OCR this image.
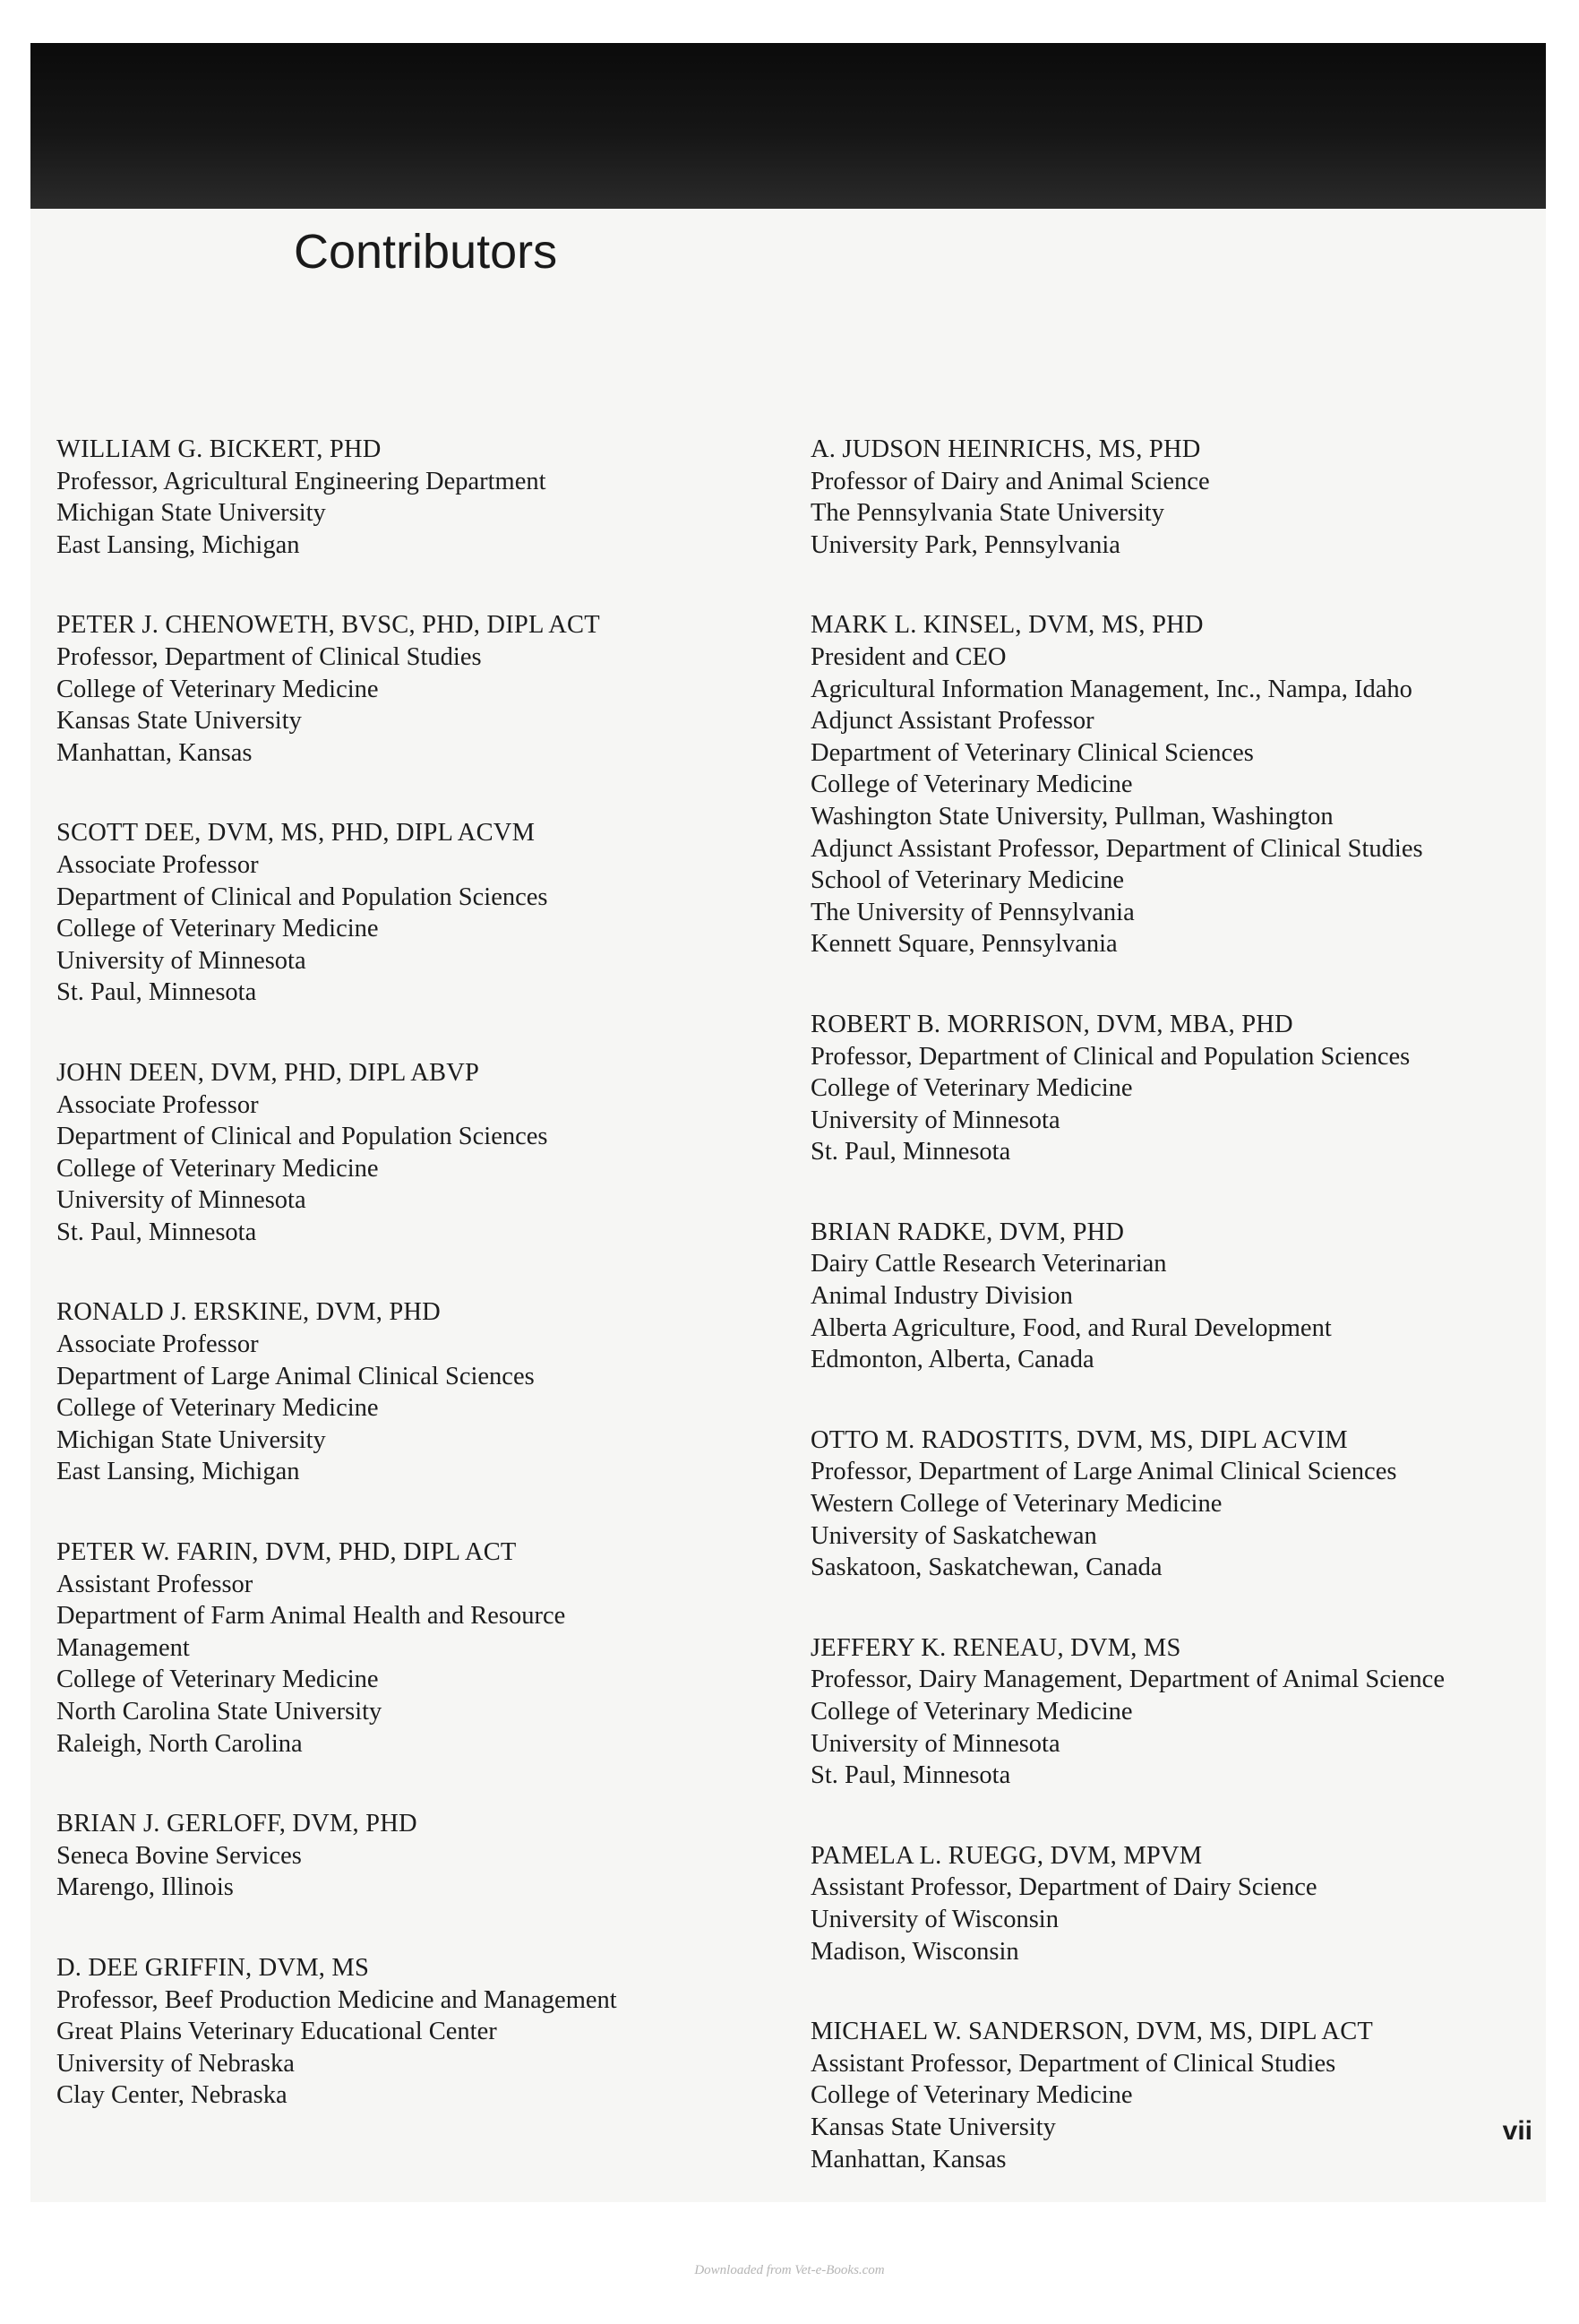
Contributors
WILLIAM G. BICKERT, PHD
Professor, Agricultural Engineering Department
Michigan State University
East Lansing, Michigan
PETER J. CHENOWETH, BVSC, PHD, DIPL ACT
Professor, Department of Clinical Studies
College of Veterinary Medicine
Kansas State University
Manhattan, Kansas
SCOTT DEE, DVM, MS, PHD, DIPL ACVM
Associate Professor
Department of Clinical and Population Sciences
College of Veterinary Medicine
University of Minnesota
St. Paul, Minnesota
JOHN DEEN, DVM, PHD, DIPL ABVP
Associate Professor
Department of Clinical and Population Sciences
College of Veterinary Medicine
University of Minnesota
St. Paul, Minnesota
RONALD J. ERSKINE, DVM, PHD
Associate Professor
Department of Large Animal Clinical Sciences
College of Veterinary Medicine
Michigan State University
East Lansing, Michigan
PETER W. FARIN, DVM, PHD, DIPL ACT
Assistant Professor
Department of Farm Animal Health and Resource
Management
College of Veterinary Medicine
North Carolina State University
Raleigh, North Carolina
BRIAN J. GERLOFF, DVM, PHD
Seneca Bovine Services
Marengo, Illinois
D. DEE GRIFFIN, DVM, MS
Professor, Beef Production Medicine and Management
Great Plains Veterinary Educational Center
University of Nebraska
Clay Center, Nebraska
A. JUDSON HEINRICHS, MS, PHD
Professor of Dairy and Animal Science
The Pennsylvania State University
University Park, Pennsylvania
MARK L. KINSEL, DVM, MS, PHD
President and CEO
Agricultural Information Management, Inc., Nampa, Idaho
Adjunct Assistant Professor
Department of Veterinary Clinical Sciences
College of Veterinary Medicine
Washington State University, Pullman, Washington
Adjunct Assistant Professor, Department of Clinical Studies
School of Veterinary Medicine
The University of Pennsylvania
Kennett Square, Pennsylvania
ROBERT B. MORRISON, DVM, MBA, PHD
Professor, Department of Clinical and Population Sciences
College of Veterinary Medicine
University of Minnesota
St. Paul, Minnesota
BRIAN RADKE, DVM, PHD
Dairy Cattle Research Veterinarian
Animal Industry Division
Alberta Agriculture, Food, and Rural Development
Edmonton, Alberta, Canada
OTTO M. RADOSTITS, DVM, MS, DIPL ACVIM
Professor, Department of Large Animal Clinical Sciences
Western College of Veterinary Medicine
University of Saskatchewan
Saskatoon, Saskatchewan, Canada
JEFFERY K. RENEAU, DVM, MS
Professor, Dairy Management, Department of Animal Science
College of Veterinary Medicine
University of Minnesota
St. Paul, Minnesota
PAMELA L. RUEGG, DVM, MPVM
Assistant Professor, Department of Dairy Science
University of Wisconsin
Madison, Wisconsin
MICHAEL W. SANDERSON, DVM, MS, DIPL ACT
Assistant Professor, Department of Clinical Studies
College of Veterinary Medicine
Kansas State University
Manhattan, Kansas
vii
Downloaded from Vet-e-Books.com
